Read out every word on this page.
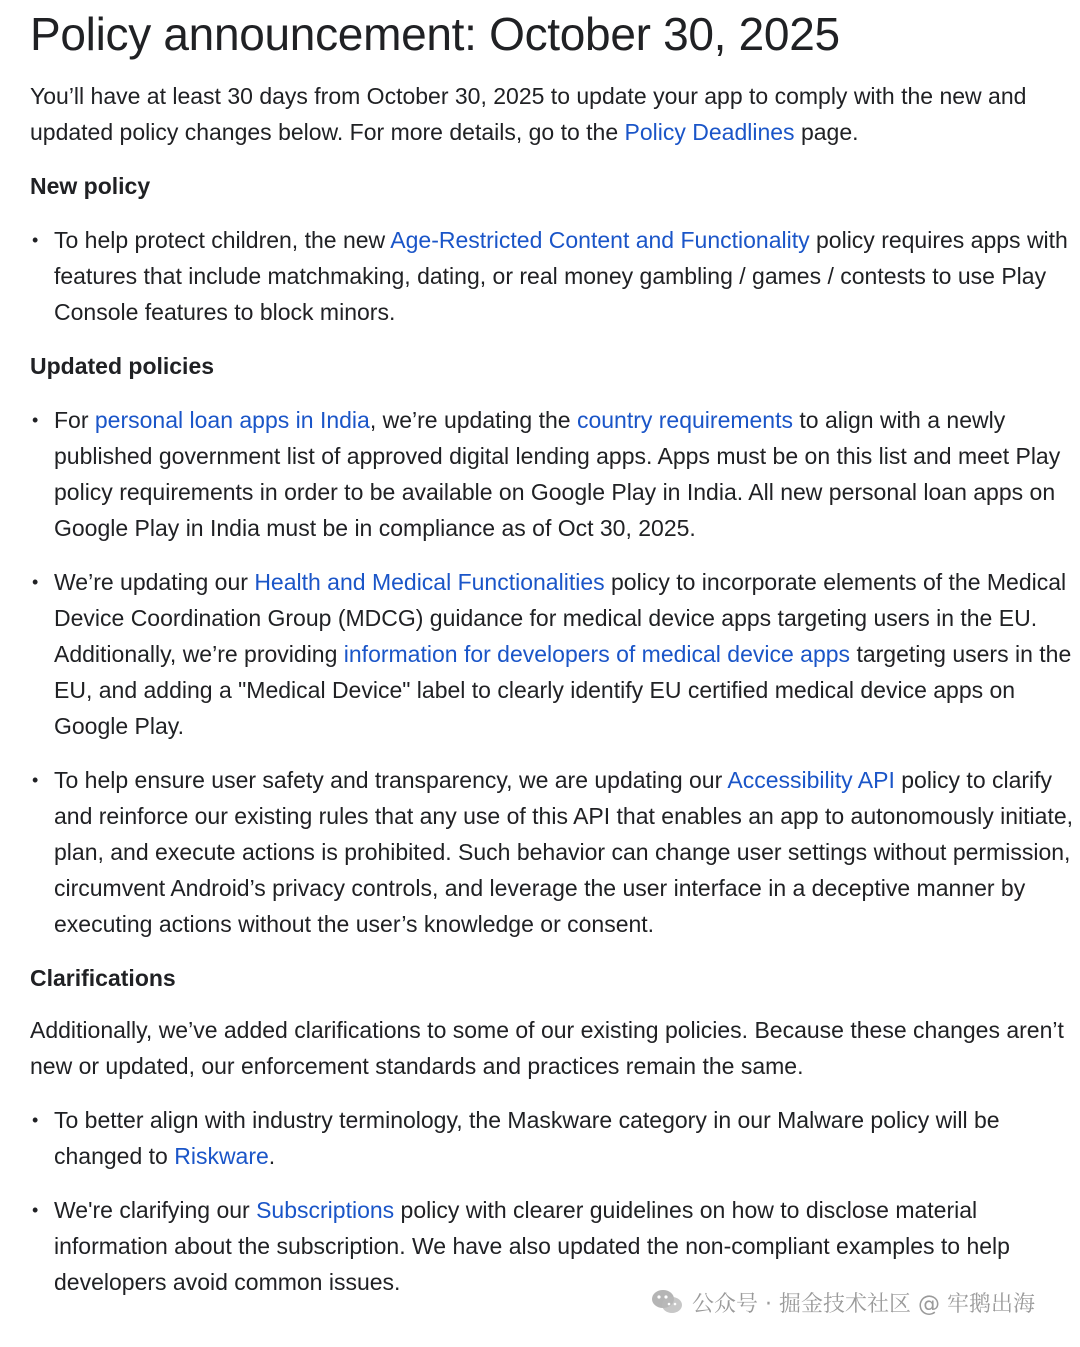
Policy announcement: October 30, 2025

You’ll have at least 30 days from October 30, 2025 to update your app to comply with the new and updated policy changes below. For more details, go to the Policy Deadlines page.

New policy
• To help protect children, the new Age-Restricted Content and Functionality policy requires apps with features that include matchmaking, dating, or real money gambling / games / contests to use Play Console features to block minors.
Updated policies
• For personal loan apps in India, we’re updating the country requirements to align with a newly published government list of approved digital lending apps. Apps must be on this list and meet Play policy requirements in order to be available on Google Play in India. All new personal loan apps on Google Play in India must be in compliance as of Oct 30, 2025.
• We’re updating our Health and Medical Functionalities policy to incorporate elements of the Medical Device Coordination Group (MDCG) guidance for medical device apps targeting users in the EU. Additionally, we’re providing information for developers of medical device apps targeting users in the EU, and adding a "Medical Device" label to clearly identify EU certified medical device apps on Google Play.
• To help ensure user safety and transparency, we are updating our Accessibility API policy to clarify and reinforce our existing rules that any use of this API that enables an app to autonomously initiate, plan, and execute actions is prohibited. Such behavior can change user settings without permission, circumvent Android’s privacy controls, and leverage the user interface in a deceptive manner by executing actions without the user’s knowledge or consent.
Clarifications

Additionally, we’ve added clarifications to some of our existing policies. Because these changes aren’t new or updated, our enforcement standards and practices remain the same.

• To better align with industry terminology, the Maskware category in our Malware policy will be changed to Riskware.
• We're clarifying our Subscriptions policy with clearer guidelines on how to disclose material information about the subscription. We have also updated the non-compliant examples to help developers avoid common issues.
公众号 · 掘金技术社区 @ 牢鹅出海
